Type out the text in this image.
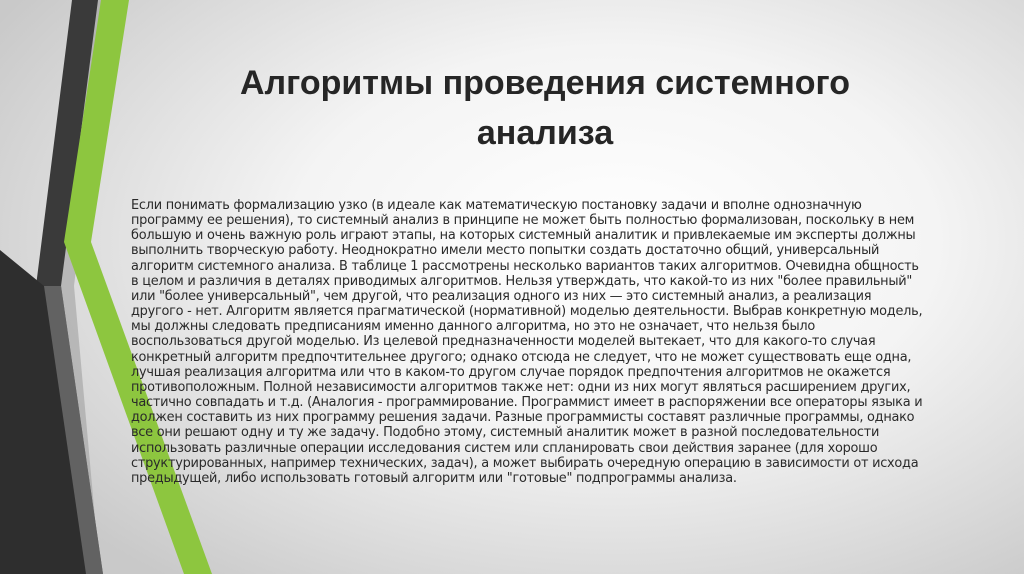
Алгоритмы проведения системного
анализа
Если понимать формализацию узко (в идеале как математическую постановку задачи и вполне однозначную
программу ее решения), то системный анализ в принципе не может быть полностью формализован, поскольку в нем
большую и очень важную роль играют этапы, на которых системный аналитик и привлекаемые им эксперты должны
выполнить творческую работу. Неоднократно имели место попытки создать достаточно общий, универсальный
алгоритм системного анализа. В таблице 1 рассмотрены несколько вариантов таких алгоритмов. Очевидна общность
в целом и различия в деталях приводимых алгоритмов. Нельзя утверждать, что какой-то из них "более правильный"
или "более универсальный", чем другой, что реализация одного из них — это системный анализ, а реализация
другого - нет. Алгоритм является прагматической (нормативной) моделью деятельности. Выбрав конкретную модель,
мы должны следовать предписаниям именно данного алгоритма, но это не означает, что нельзя было
воспользоваться другой моделью. Из целевой предназначенности моделей вытекает, что для какого-то случая
конкретный алгоритм предпочтительнее другого; однако отсюда не следует, что не может существовать еще одна,
лучшая реализация алгоритма или что в каком-то другом случае порядок предпочтения алгоритмов не окажется
противоположным. Полной независимости алгоритмов также нет: одни из них могут являться расширением других,
частично совпадать и т.д. (Аналогия - программирование. Программист имеет в распоряжении все операторы языка и
должен составить из них программу решения задачи. Разные программисты составят различные программы, однако
все они решают одну и ту же задачу. Подобно этому, системный аналитик может в разной последовательности
использовать различные операции исследования систем или спланировать свои действия заранее (для хорошо
структурированных, например технических, задач), а может выбирать очередную операцию в зависимости от исхода
предыдущей, либо использовать готовый алгоритм или "готовые" подпрограммы анализа.
